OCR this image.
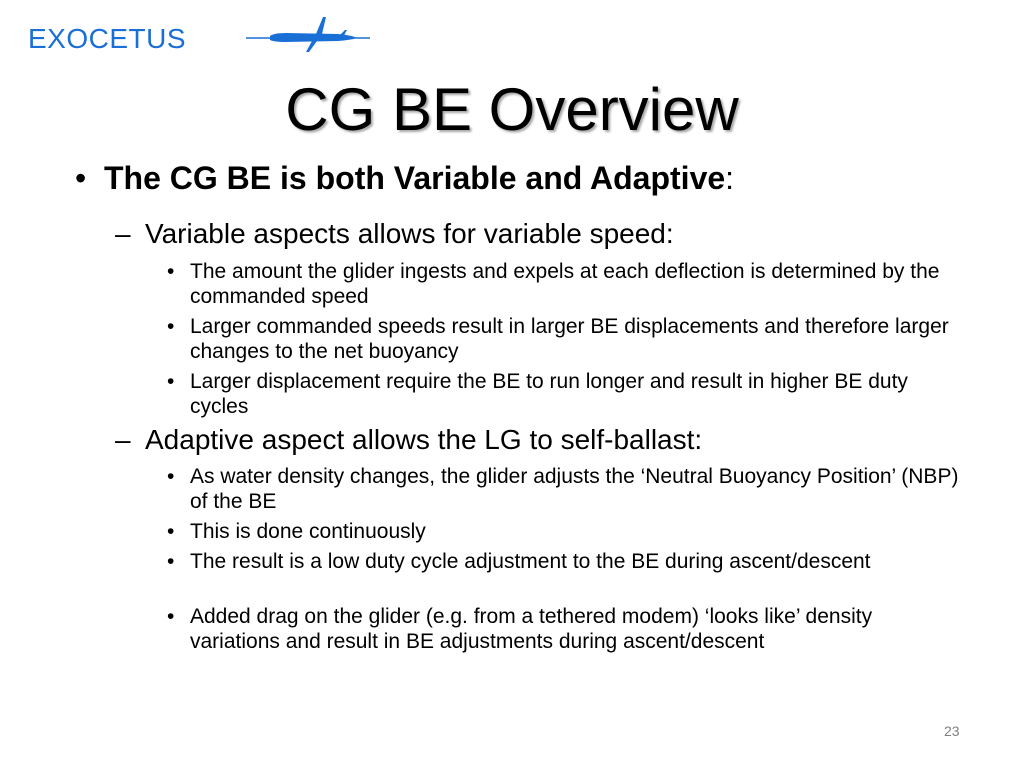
EXOCETUS
CG BE Overview
• The CG BE is both Variable and Adaptive:
– Variable aspects allows for variable speed:
• The amount the glider ingests and expels at each deflection is determined by the commanded speed
• Larger commanded speeds result in larger BE displacements and therefore larger changes to the net buoyancy
• Larger displacement require the BE to run longer and result in higher BE duty cycles
– Adaptive aspect allows the LG to self-ballast:
• As water density changes, the glider adjusts the ‘Neutral Buoyancy Position’ (NBP) of the BE
• This is done continuously
• The result is a low duty cycle adjustment to the BE during ascent/descent
• Added drag on the glider (e.g. from a tethered modem) ‘looks like’ density variations and result in BE adjustments during ascent/descent
23
